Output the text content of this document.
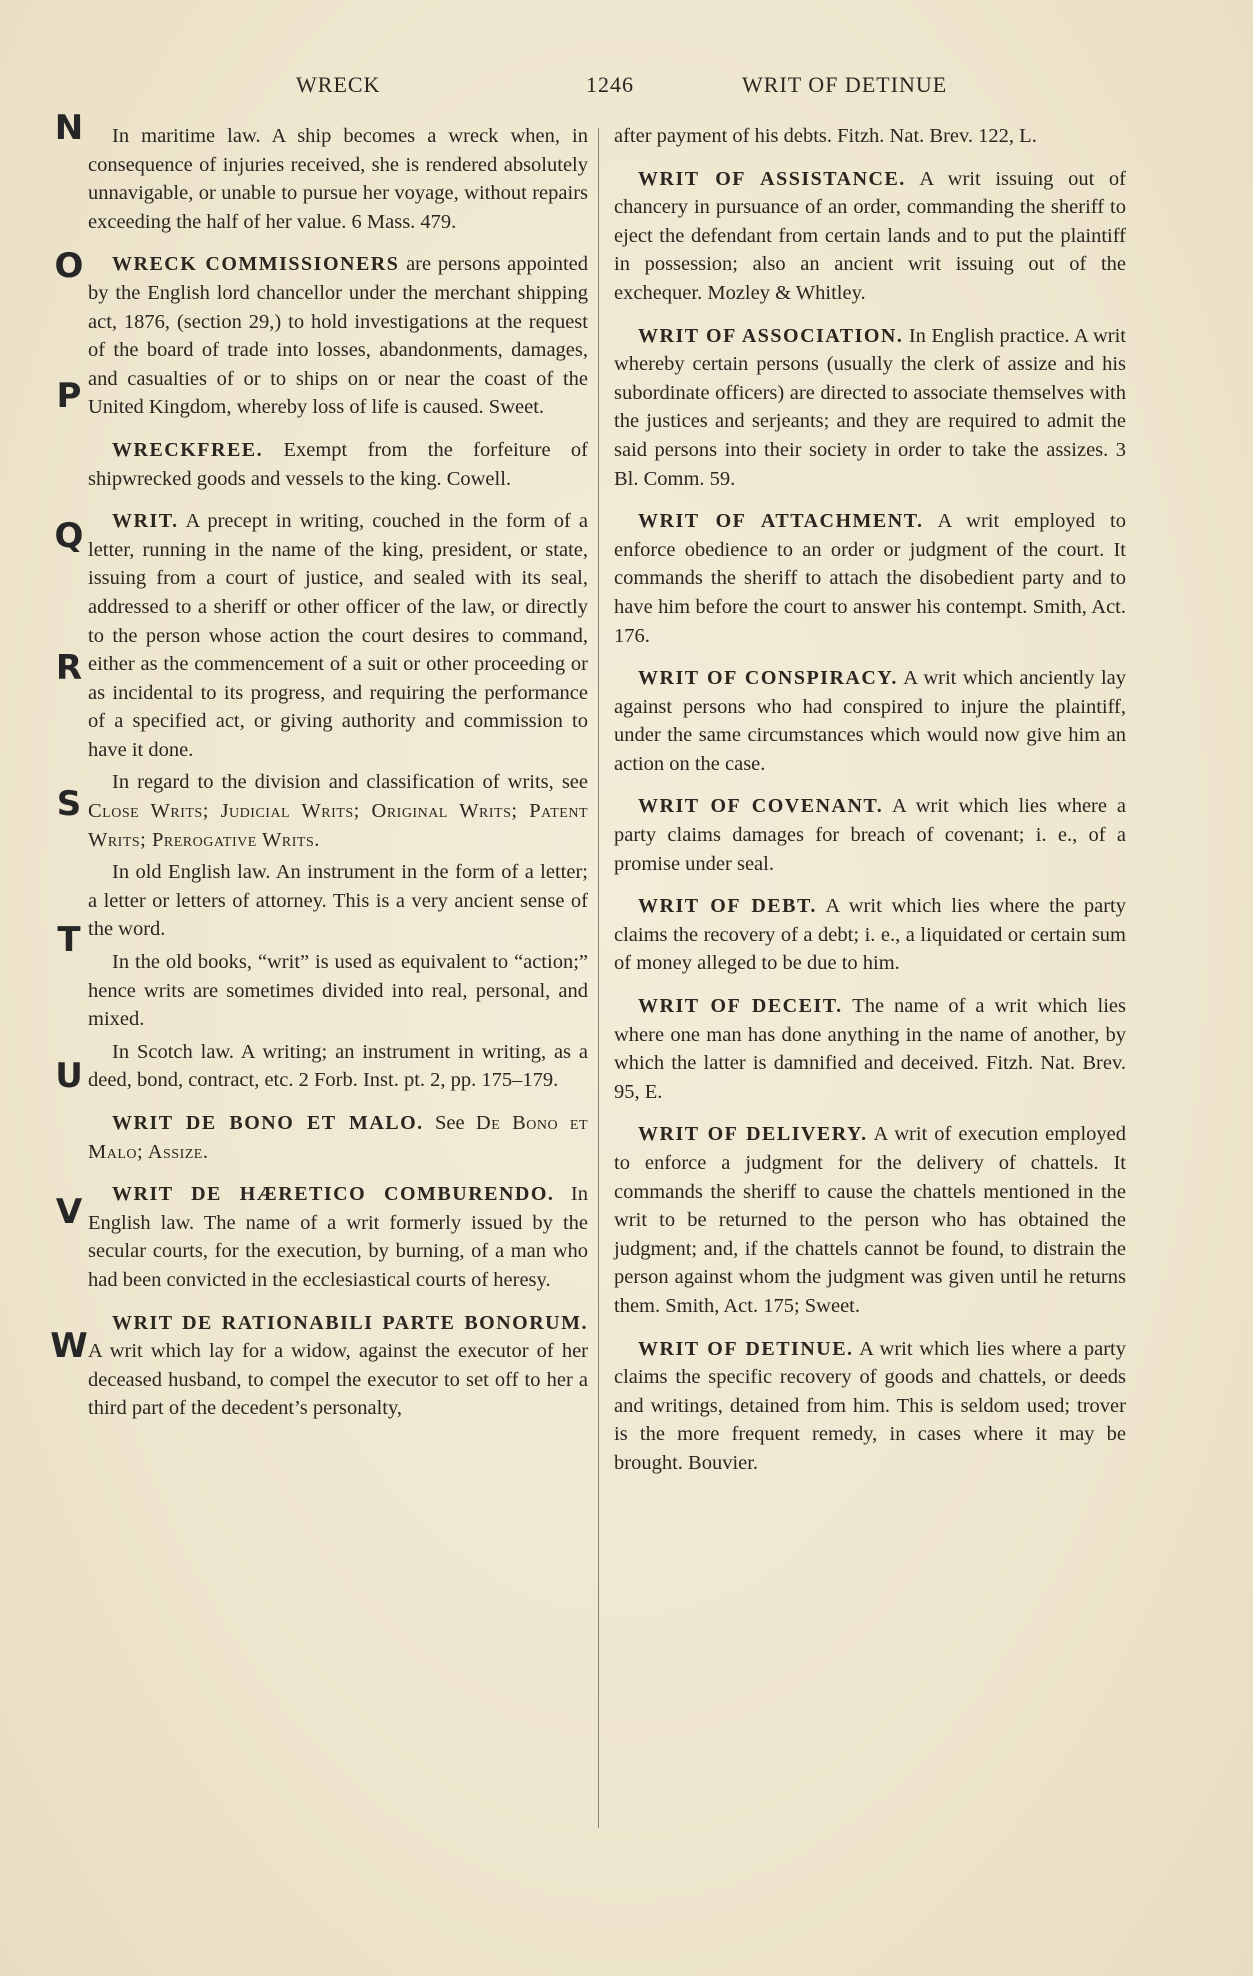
WRECK	1246	WRIT OF DETINUE
N
O
P
Q
R
S
T
U
V
W

In maritime law. A ship becomes a wreck when, in consequence of injuries received, she is rendered absolutely unnavigable, or unable to pursue her voyage, without repairs exceeding the half of her value. 6 Mass. 479.

WRECK COMMISSIONERS are persons appointed by the English lord chancellor under the merchant shipping act, 1876, (section 29,) to hold investigations at the request of the board of trade into losses, abandonments, damages, and casualties of or to ships on or near the coast of the United Kingdom, whereby loss of life is caused. Sweet.
WRECKFREE. Exempt from the forfeiture of shipwrecked goods and vessels to the king. Cowell.

WRIT. A precept in writing, couched in the form of a letter, running in the name of the king, president, or state, issuing from a court of justice, and sealed with its seal, addressed to a sheriff or other officer of the law, or directly to the person whose action the court desires to command, either as the commencement of a suit or other proceeding or as incidental to its progress, and requiring the performance of a specified act, or giving authority and commission to have it done.

In regard to the division and classification of writs, see Close Writs; Judicial Writs; Original Writs; Patent Writs; Prerogative Writs.

In old English law. An instrument in the form of a letter; a letter or letters of attorney. This is a very ancient sense of the word.

In the old books, “writ” is used as equivalent to “action;” hence writs are sometimes divided into real, personal, and mixed.

In Scotch law. A writing; an instrument in writing, as a deed, bond, contract, etc. 2 Forb. Inst. pt. 2, pp. 175–179.

WRIT DE BONO ET MALO. See De Bono et Malo; Assize.
WRIT DE HÆRETICO COMBURENDO. In English law. The name of a writ formerly issued by the secular courts, for the execution, by burning, of a man who had been convicted in the ecclesiastical courts of heresy.
WRIT DE RATIONABILI PARTE BONORUM. A writ which lay for a widow, against the executor of her deceased husband, to compel the executor to set off to her a third part of the decedent’s personalty,
after payment of his debts. Fitzh. Nat. Brev. 122, L.
WRIT OF ASSISTANCE. A writ issuing out of chancery in pursuance of an order, commanding the sheriff to eject the defendant from certain lands and to put the plaintiff in possession; also an ancient writ issuing out of the exchequer. Mozley & Whitley.
WRIT OF ASSOCIATION. In English practice. A writ whereby certain persons (usually the clerk of assize and his subordinate officers) are directed to associate themselves with the justices and serjeants; and they are required to admit the said persons into their society in order to take the assizes. 3 Bl. Comm. 59.
WRIT OF ATTACHMENT. A writ employed to enforce obedience to an order or judgment of the court. It commands the sheriff to attach the disobedient party and to have him before the court to answer his contempt. Smith, Act. 176.
WRIT OF CONSPIRACY. A writ which anciently lay against persons who had conspired to injure the plaintiff, under the same circumstances which would now give him an action on the case.
WRIT OF COVENANT. A writ which lies where a party claims damages for breach of covenant; i. e., of a promise under seal.
WRIT OF DEBT. A writ which lies where the party claims the recovery of a debt; i. e., a liquidated or certain sum of money alleged to be due to him.
WRIT OF DECEIT. The name of a writ which lies where one man has done anything in the name of another, by which the latter is damnified and deceived. Fitzh. Nat. Brev. 95, E.
WRIT OF DELIVERY. A writ of execution employed to enforce a judgment for the delivery of chattels. It commands the sheriff to cause the chattels mentioned in the writ to be returned to the person who has obtained the judgment; and, if the chattels cannot be found, to distrain the person against whom the judgment was given until he returns them. Smith, Act. 175; Sweet.
WRIT OF DETINUE. A writ which lies where a party claims the specific recovery of goods and chattels, or deeds and writings, detained from him. This is seldom used; trover is the more frequent remedy, in cases where it may be brought. Bouvier.
